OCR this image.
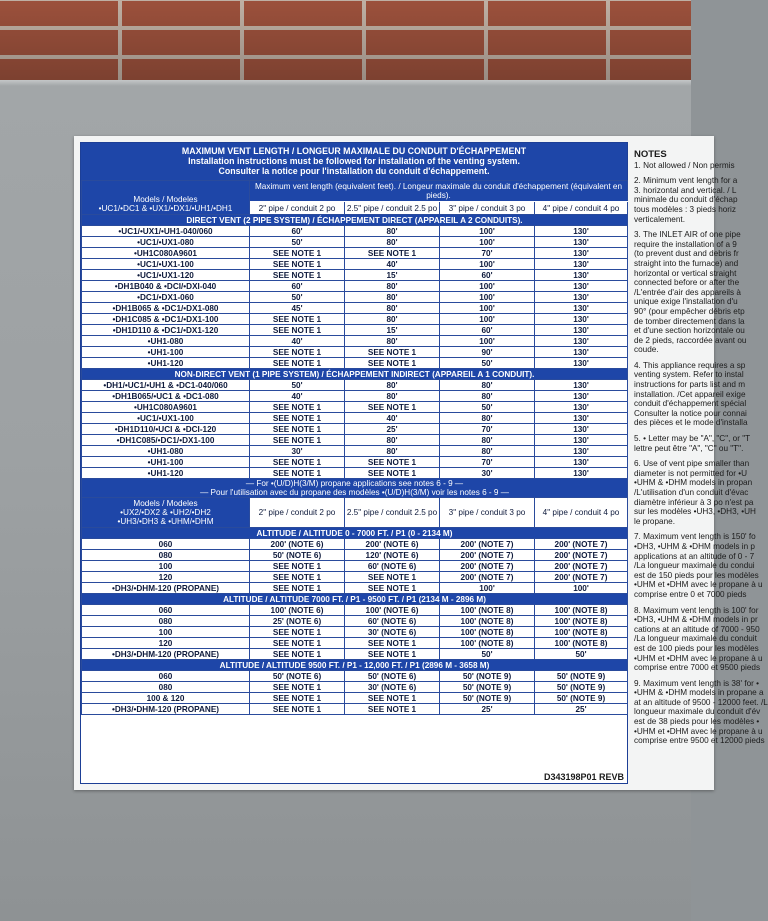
MAXIMUM VENT LENGTH / LONGEUR MAXIMALE DU CONDUIT D'ÉCHAPPEMENT
Installation instructions must be followed for installation of the venting system.
Consulter la notice pour l'installation du conduit d'échappement.
Models / Modeles
•UC1/•DC1 & •UX1/•DX1/•UH1/•DH1	Maximum vent length (equivalent feet). / Longeur maximale du conduit d'échappement (équivalent en pieds).			
	2" pipe / conduit 2 po	2.5" pipe / conduit 2.5 po	3" pipe / conduit 3 po	4" pipe / conduit 4 po
DIRECT VENT (2 PIPE SYSTEM) / ÉCHAPPEMENT DIRECT (APPAREIL A 2 CONDUITS).				
•UC1/•UX1/•UH1-040/060	60'	80'	100'	130'
•UC1/•UX1-080	50'	80'	100'	130'
•UH1C080A9601	SEE NOTE 1	SEE NOTE 1	70'	130'
•UC1/•UX1-100	SEE NOTE 1	40'	100'	130'
•UC1/•UX1-120	SEE NOTE 1	15'	60'	130'
•DH1B040 & •DCI/•DXI-040	60'	80'	100'	130'
•DC1/•DX1-060	50'	80'	100'	130'
•DH1B065 & •DC1/•DX1-080	45'	80'	100'	130'
•DH1C085 & •DC1/•DX1-100	SEE NOTE 1	80'	100'	130'
•DH1D110 & •DC1/•DX1-120	SEE NOTE 1	15'	60'	130'
•UH1-080	40'	80'	100'	130'
•UH1-100	SEE NOTE 1	SEE NOTE 1	90'	130'
•UH1-120	SEE NOTE 1	SEE NOTE 1	50'	130'
NON-DIRECT VENT (1 PIPE SYSTEM) / ÉCHAPPEMENT INDIRECT (APPAREIL A 1 CONDUIT).				
•DH1/•UC1/•UH1 & •DC1-040/060	50'	80'	80'	130'
•DH1B065/•UC1 & •DC1-080	40'	80'	80'	130'
•UH1C080A9601	SEE NOTE 1	SEE NOTE 1	50'	130'
•UC1/•UX1-100	SEE NOTE 1	40'	80'	130'
•DH1D110/•UCI & •DCI-120	SEE NOTE 1	25'	70'	130'
•DH1C085/•DC1/•DX1-100	SEE NOTE 1	80'	80'	130'
•UH1-080	30'	80'	80'	130'
•UH1-100	SEE NOTE 1	SEE NOTE 1	70'	130'
•UH1-120	SEE NOTE 1	SEE NOTE 1	30'	130'

— For •(U/D)H(3/M) propane applications see notes 6 - 9 —
— Pour l'utilisation avec du propane des modèles •(U/D)H(3/M) voir les notes 6 - 9 —				

Models / Modeles
•UX2/•DX2 & •UH2/•DH2
•UH3/•DH3 & •UHM/•DHM	2" pipe / conduit 2 po	2.5" pipe / conduit 2.5 po	3" pipe / conduit 3 po	4" pipe / conduit 4 po
ALTITUDE / ALTITUDE 0 - 7000 FT. / P1 (0 - 2134 M)				
060	200' (NOTE 6)	200' (NOTE 6)	200' (NOTE 7)	200' (NOTE 7)
080	50' (NOTE 6)	120' (NOTE 6)	200' (NOTE 7)	200' (NOTE 7)
100	SEE NOTE 1	60' (NOTE 6)	200' (NOTE 7)	200' (NOTE 7)
120	SEE NOTE 1	SEE NOTE 1	200' (NOTE 7)	200' (NOTE 7)
•DH3/•DHM-120 (PROPANE)	SEE NOTE 1	SEE NOTE 1	100'	100'
ALTITUDE / ALTITUDE 7000 FT. / P1 - 9500 FT. / P1 (2134 M - 2896 M)				
060	100' (NOTE 6)	100' (NOTE 6)	100' (NOTE 8)	100' (NOTE 8)
080	25' (NOTE 6)	60' (NOTE 6)	100' (NOTE 8)	100' (NOTE 8)
100	SEE NOTE 1	30' (NOTE 6)	100' (NOTE 8)	100' (NOTE 8)
120	SEE NOTE 1	SEE NOTE 1	100' (NOTE 8)	100' (NOTE 8)
•DH3/•DHM-120 (PROPANE)	SEE NOTE 1	SEE NOTE 1	50'	50'
ALTITUDE / ALTITUDE 9500 FT. / P1 - 12,000 FT. / P1 (2896 M - 3658 M)				
060	50' (NOTE 6)	50' (NOTE 6)	50' (NOTE 9)	50' (NOTE 9)
080	SEE NOTE 1	30' (NOTE 6)	50' (NOTE 9)	50' (NOTE 9)
100 & 120	SEE NOTE 1	SEE NOTE 1	50' (NOTE 9)	50' (NOTE 9)
•DH3/•DHM-120 (PROPANE)	SEE NOTE 1	SEE NOTE 1	25'	25'
NOTES

1. Not allowed / Non permis

2. Minimum vent length for a
3. horizontal and vertical. / L
minimale du conduit d'échap
tous modèles : 3 pieds horiz
verticalement.

3. The INLET AIR of one pipe
require the installation of a 9
(to prevent dust and debris fr
straight into the furnace) and
horizontal or vertical straight
connected before or after the
/L'entrée d'air des appareils à
unique exige l'installation d'u
90° (pour empêcher débris etp
de tomber directement dans la
et d'une section horizontale ou
de 2 pieds, raccordée avant ou
coude.

4. This appliance requires a sp
venting system. Refer to instal
instructions for parts list and m
installation. /Cet appareil exige
conduit d'échappement spécial
Consulter la notice pour connai
des pièces et le mode d'installa

5. • Letter may be "A", "C", or "T
lettre peut être "A", "C" ou "T".

6. Use of vent pipe smaller than
diameter is not permitted for •U
•UHM & •DHM models in propan
/L'utilisation d'un conduit d'évac
diamètre inférieur à 3 po n'est pa
sur les modèles •UH3, •DH3, •UH
le propane.

7. Maximum vent length is 150' fo
•DH3, •UHM & •DHM models in p
applications at an altitude of 0 - 7
/La longueur maximale du condui
est de 150 pieds pour les modèles
•UHM et •DHM avec le propane à u
comprise entre 0 et 7000 pieds

8. Maximum vent length is 100' for
•DH3, •UHM & •DHM models in pr
cations at an altitude of 7000 - 950
/La longueur maximale du conduit
est de 100 pieds pour les modèles
•UHM et •DHM avec le propane à u
comprise entre 7000 et 9500 pieds

9. Maximum vent length is 38' for •
•UHM & •DHM models in propane a
at an altitude of 9500 - 12000 feet. /L
longueur maximale du conduit d'év
est de 38 pieds pour les modèles •
•UHM et •DHM avec le propane à u
comprise entre 9500 et 12000 pieds

D343198P01 REVB
